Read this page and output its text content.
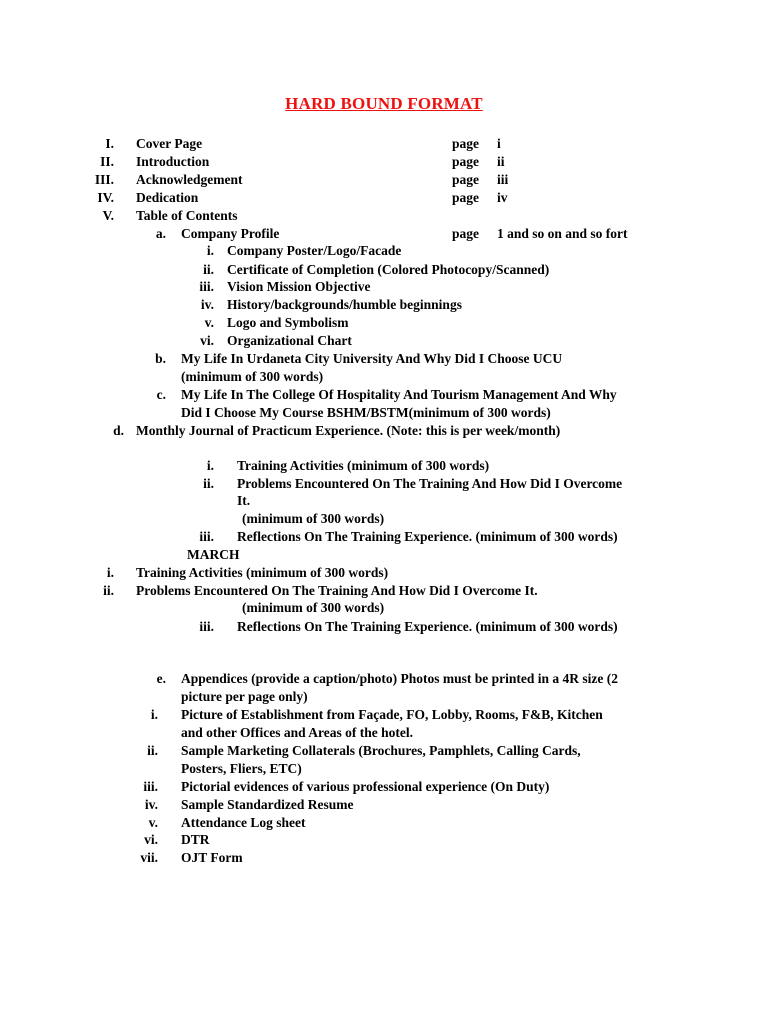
HARD BOUND FORMAT
I. Cover Page	page i
II. Introduction	page ii
III. Acknowledgement	page iii
IV. Dedication	page iv
V. Table of Contents
a. Company Profile	page 1 and so on and so fort
i. Company Poster/Logo/Facade
ii. Certificate of Completion (Colored Photocopy/Scanned)
iii. Vision Mission Objective
iv. History/backgrounds/humble beginnings
v. Logo and Symbolism
vi. Organizational Chart
b. My Life In Urdaneta City University And Why Did I Choose UCU
(minimum of 300 words)
c. My Life In The College Of Hospitality And Tourism Management And Why
Did I Choose My Course BSHM/BSTM(minimum of 300 words)
d. Monthly Journal of Practicum Experience. (Note: this is per week/month)
i. Training Activities (minimum of 300 words)
ii. Problems Encountered On The Training And How Did I Overcome
It.
(minimum of 300 words)
iii. Reflections On The Training Experience. (minimum of 300 words)
MARCH
i. Training Activities (minimum of 300 words)
ii. Problems Encountered On The Training And How Did I Overcome It.
(minimum of 300 words)
iii. Reflections On The Training Experience. (minimum of 300 words)
e. Appendices (provide a caption/photo) Photos must be printed in a 4R size (2
picture per page only)
i. Picture of Establishment from Façade, FO, Lobby, Rooms, F&B, Kitchen
and other Offices and Areas of the hotel.
ii. Sample Marketing Collaterals (Brochures, Pamphlets, Calling Cards,
Posters, Fliers, ETC)
iii. Pictorial evidences of various professional experience (On Duty)
iv. Sample Standardized Resume
v. Attendance Log sheet
vi. DTR
vii. OJT Form
